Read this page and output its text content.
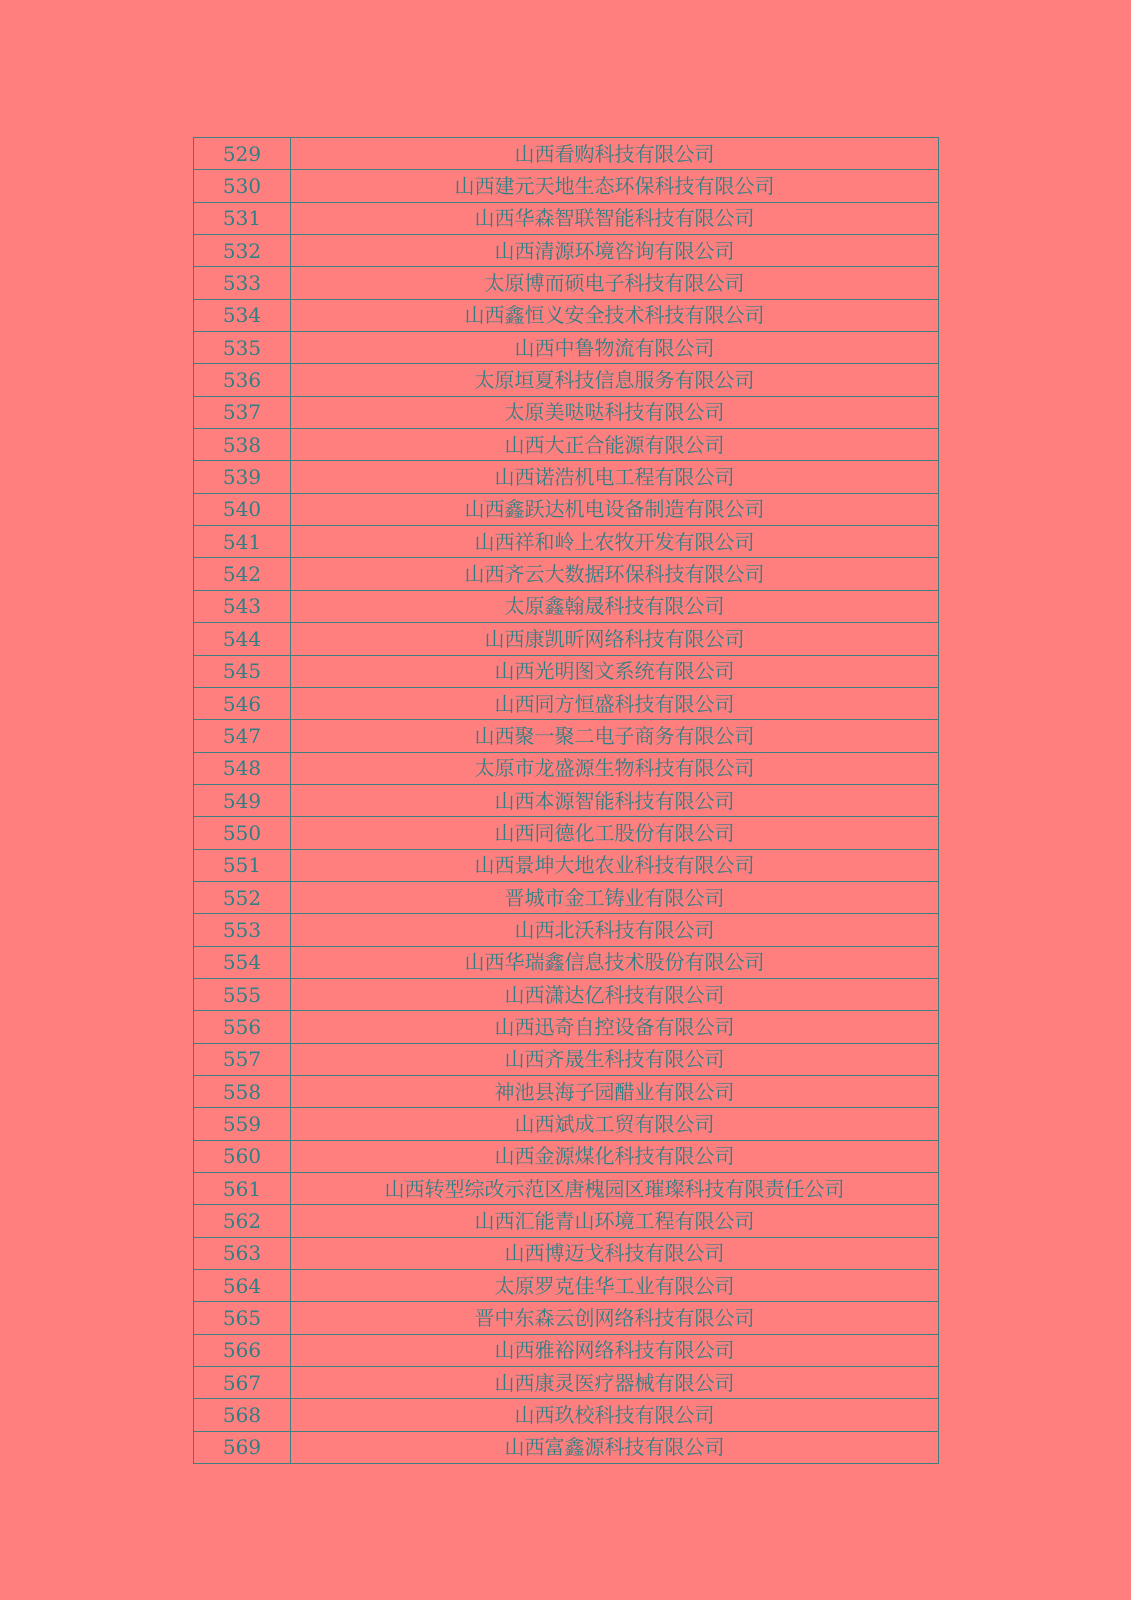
529	山西看购科技有限公司
530	山西建元天地生态环保科技有限公司
531	山西华森智联智能科技有限公司
532	山西清源环境咨询有限公司
533	太原博而硕电子科技有限公司
534	山西鑫恒义安全技术科技有限公司
535	山西中鲁物流有限公司
536	太原垣夏科技信息服务有限公司
537	太原美哒哒科技有限公司
538	山西大正合能源有限公司
539	山西诺浩机电工程有限公司
540	山西鑫跃达机电设备制造有限公司
541	山西祥和岭上农牧开发有限公司
542	山西齐云大数据环保科技有限公司
543	太原鑫翰晟科技有限公司
544	山西康凯昕网络科技有限公司
545	山西光明图文系统有限公司
546	山西同方恒盛科技有限公司
547	山西聚一聚二电子商务有限公司
548	太原市龙盛源生物科技有限公司
549	山西本源智能科技有限公司
550	山西同德化工股份有限公司
551	山西景坤大地农业科技有限公司
552	晋城市金工铸业有限公司
553	山西北沃科技有限公司
554	山西华瑞鑫信息技术股份有限公司
555	山西潇达亿科技有限公司
556	山西迅奇自控设备有限公司
557	山西齐晟生科技有限公司
558	神池县海子园醋业有限公司
559	山西斌成工贸有限公司
560	山西金源煤化科技有限公司
561	山西转型综改示范区唐槐园区璀璨科技有限责任公司
562	山西汇能青山环境工程有限公司
563	山西博迈戈科技有限公司
564	太原罗克佳华工业有限公司
565	晋中东森云创网络科技有限公司
566	山西雅裕网络科技有限公司
567	山西康灵医疗器械有限公司
568	山西玖校科技有限公司
569	山西富鑫源科技有限公司
